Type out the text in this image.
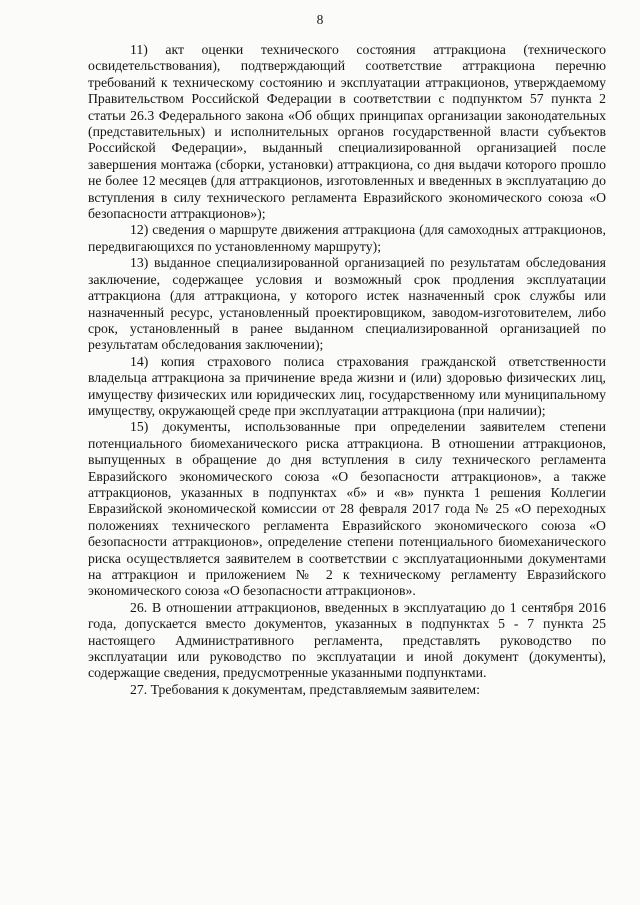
8

11) акт оценки технического состояния аттракциона (технического освидетельствования), подтверждающий соответствие аттракциона перечню требований к техническому состоянию и эксплуатации аттракционов, утверждаемому Правительством Российской Федерации в соответствии с подпунктом 57 пункта 2 статьи 26.3 Федерального закона «Об общих принципах организации законодательных (представительных) и исполнительных органов государственной власти субъектов Российской Федерации», выданный специализированной организацией после завершения монтажа (сборки, установки) аттракциона, со дня выдачи которого прошло не более 12 месяцев (для аттракционов, изготовленных и введенных в эксплуатацию до вступления в силу технического регламента Евразийского экономического союза «О безопасности аттракционов»);

12) сведения о маршруте движения аттракциона (для самоходных аттракционов, передвигающихся по установленному маршруту);

13) выданное специализированной организацией по результатам обследования заключение, содержащее условия и возможный срок продления эксплуатации аттракциона (для аттракциона, у которого истек назначенный срок службы или назначенный ресурс, установленный проектировщиком, заводом-изготовителем, либо срок, установленный в ранее выданном специализированной организацией по результатам обследования заключении);

14) копия страхового полиса страхования гражданской ответственности владельца аттракциона за причинение вреда жизни и (или) здоровью физических лиц, имуществу физических или юридических лиц, государственному или муниципальному имуществу, окружающей среде при эксплуатации аттракциона (при наличии);

15) документы, использованные при определении заявителем степени потенциального биомеханического риска аттракциона. В отношении аттракционов, выпущенных в обращение до дня вступления в силу технического регламента Евразийского экономического союза «О безопасности аттракционов», а также аттракционов, указанных в подпунктах «б» и «в» пункта 1 решения Коллегии Евразийской экономической комиссии от 28 февраля 2017 года № 25 «О переходных положениях технического регламента Евразийского экономического союза «О безопасности аттракционов», определение степени потенциального биомеханического риска осуществляется заявителем в соответствии с эксплуатационными документами на аттракцион и приложением № 2 к техническому регламенту Евразийского экономического союза «О безопасности аттракционов».

26. В отношении аттракционов, введенных в эксплуатацию до 1 сентября 2016 года, допускается вместо документов, указанных в подпунктах 5 - 7 пункта 25 настоящего Административного регламента, представлять руководство по эксплуатации или руководство по эксплуатации и иной документ (документы), содержащие сведения, предусмотренные указанными подпунктами.

27. Требования к документам, представляемым заявителем:
